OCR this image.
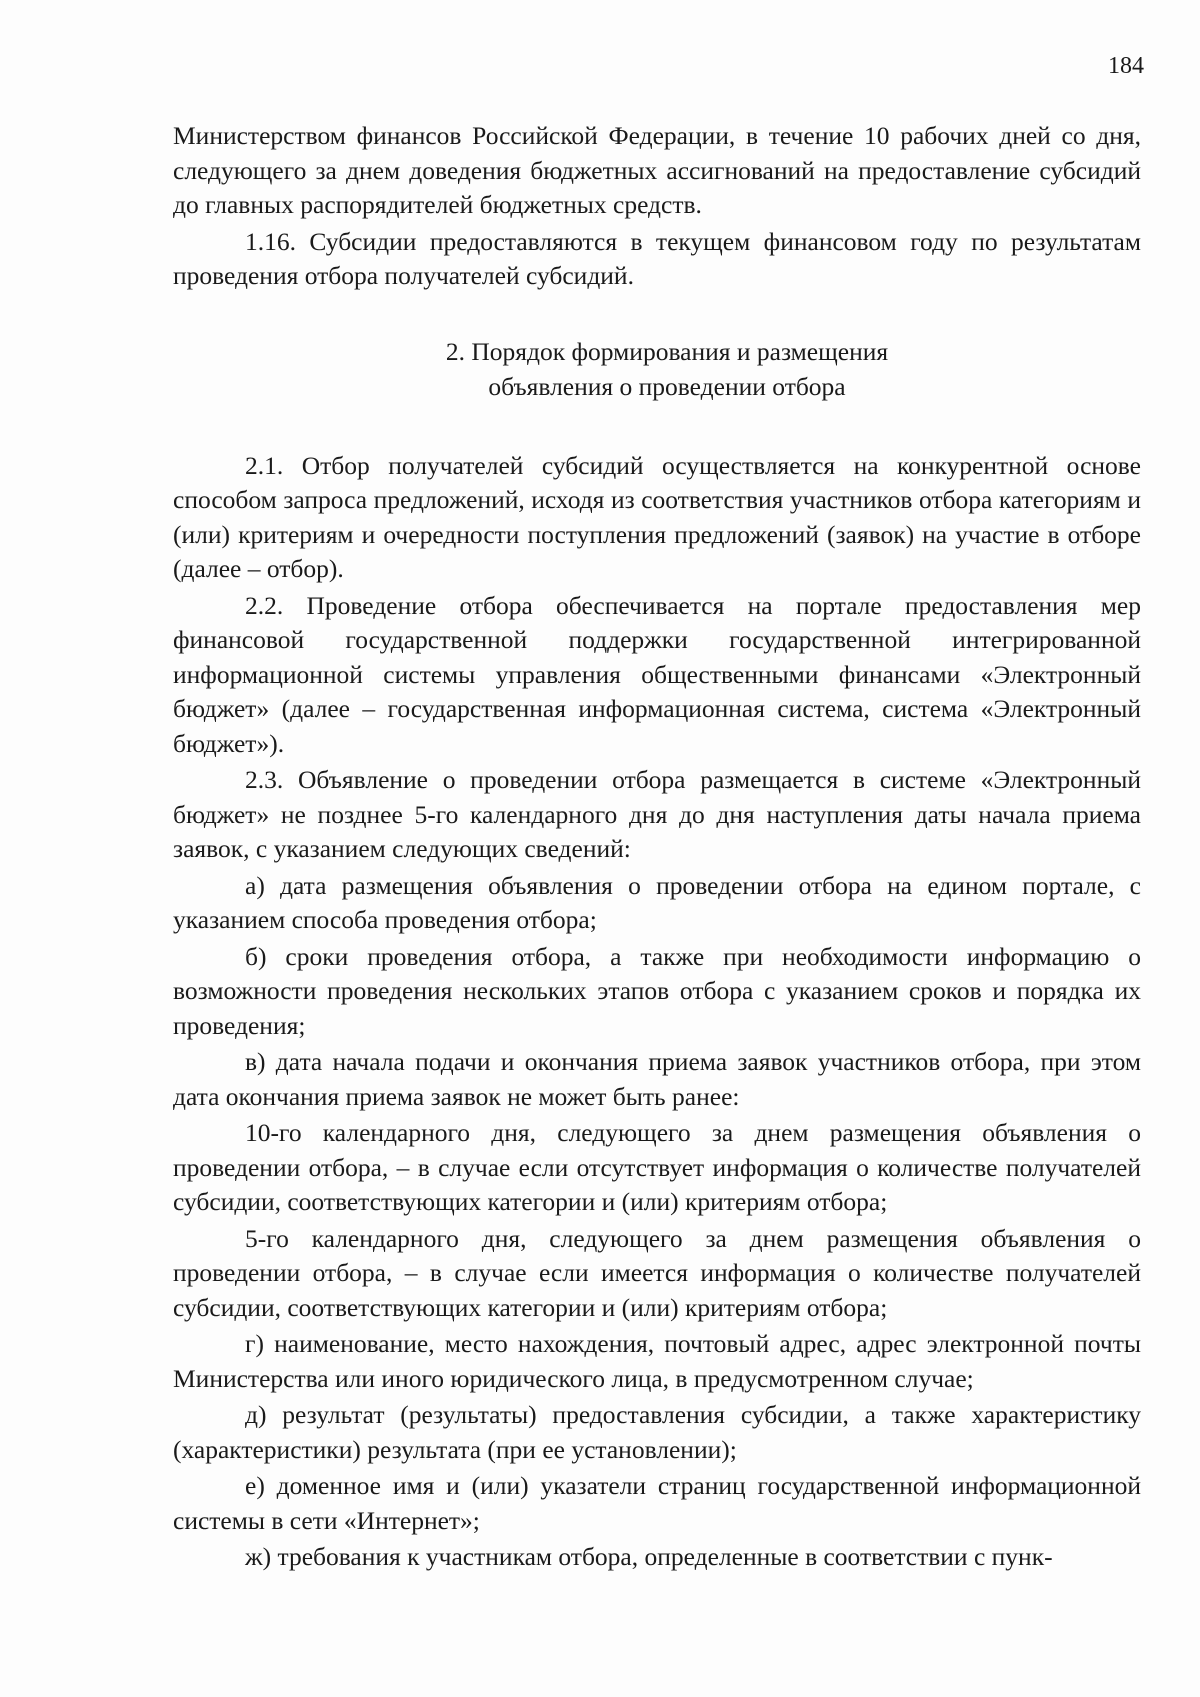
184

Министерством финансов Российской Федерации, в течение 10 рабочих дней со дня, следующего за днем доведения бюджетных ассигнований на предоставление субсидий до главных распорядителей бюджетных средств.

1.16. Субсидии предоставляются в текущем финансовом году по результатам проведения отбора получателей субсидий.

2. Порядок формирования и размещения
объявления о проведении отбора

2.1. Отбор получателей субсидий осуществляется на конкурентной основе способом запроса предложений, исходя из соответствия участников отбора категориям и (или) критериям и очередности поступления предложений (заявок) на участие в отборе (далее – отбор).

2.2. Проведение отбора обеспечивается на портале предоставления мер финансовой государственной поддержки государственной интегрированной информационной системы управления общественными финансами «Электронный бюджет» (далее – государственная информационная система, система «Электронный бюджет»).

2.3. Объявление о проведении отбора размещается в системе «Электронный бюджет» не позднее 5-го календарного дня до дня наступления даты начала приема заявок, с указанием следующих сведений:

а) дата размещения объявления о проведении отбора на едином портале, с указанием способа проведения отбора;

б) сроки проведения отбора, а также при необходимости информацию о возможности проведения нескольких этапов отбора с указанием сроков и порядка их проведения;

в) дата начала подачи и окончания приема заявок участников отбора, при этом дата окончания приема заявок не может быть ранее:

10-го календарного дня, следующего за днем размещения объявления о проведении отбора, – в случае если отсутствует информация о количестве получателей субсидии, соответствующих категории и (или) критериям отбора;

5-го календарного дня, следующего за днем размещения объявления о проведении отбора, – в случае если имеется информация о количестве получателей субсидии, соответствующих категории и (или) критериям отбора;

г) наименование, место нахождения, почтовый адрес, адрес электронной почты Министерства или иного юридического лица, в предусмотренном случае;

д) результат (результаты) предоставления субсидии, а также характеристику (характеристики) результата (при ее установлении);

е) доменное имя и (или) указатели страниц государственной информационной системы в сети «Интернет»;

ж) требования к участникам отбора, определенные в соответствии с пунк-
